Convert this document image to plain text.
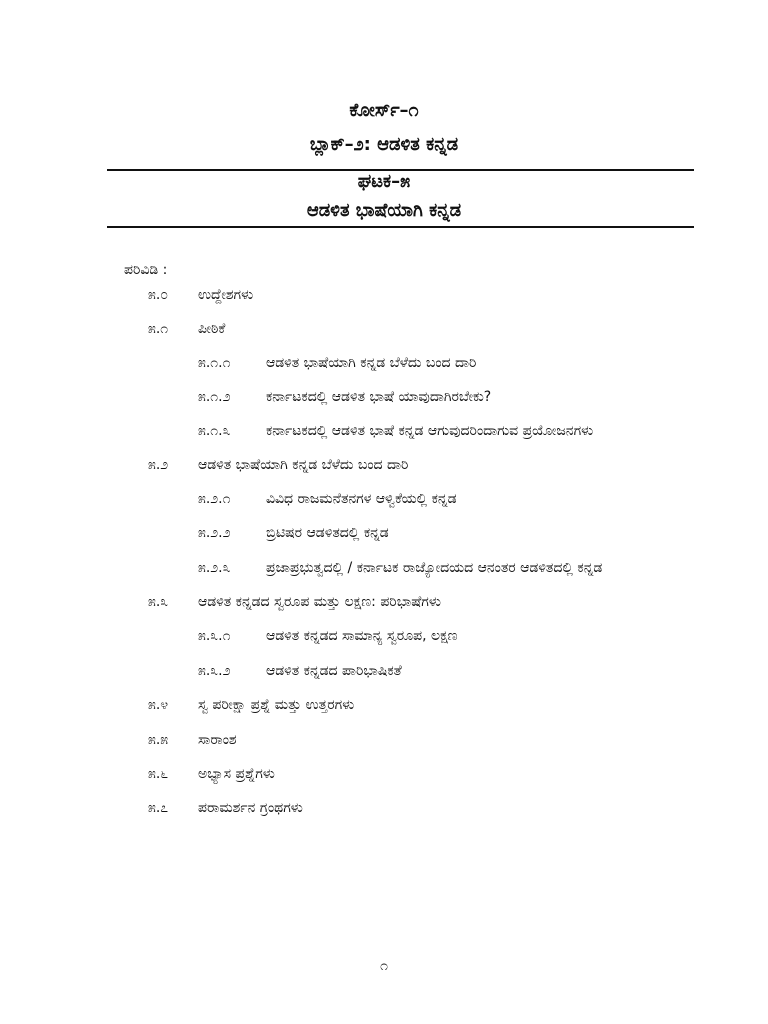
ಕೋರ್ಸ್–೧
ಬ್ಲಾಕ್–೨: ಆಡಳಿತ ಕನ್ನಡ
ಘಟಕ–೫
ಆಡಳಿತ ಭಾಷೆಯಾಗಿ ಕನ್ನಡ
ಪರಿವಿಡಿ :
೫.೦ ಉದ್ದೇಶಗಳು
೫.೧ ಪೀಠಿಕೆ
೫.೧.೧	ಆಡಳಿತ ಭಾಷೆಯಾಗಿ ಕನ್ನಡ ಬೆಳೆದು ಬಂದ ದಾರಿ
೫.೧.೨	ಕರ್ನಾಟಕದಲ್ಲಿ ಆಡಳಿತ ಭಾಷೆ ಯಾವುದಾಗಿರಬೇಕು?
೫.೧.೩	ಕರ್ನಾಟಕದಲ್ಲಿ ಆಡಳಿತ ಭಾಷೆ ಕನ್ನಡ ಆಗುವುದರಿಂದಾಗುವ ಪ್ರಯೋಜನಗಳು
೫.೨ ಆಡಳಿತ ಭಾಷೆಯಾಗಿ ಕನ್ನಡ ಬೆಳೆದು ಬಂದ ದಾರಿ
೫.೨.೧	ವಿವಿಧ ರಾಜಮನೆತನಗಳ ಆಳ್ವಿಕೆಯಲ್ಲಿ ಕನ್ನಡ
೫.೨.೨	ಬ್ರಿಟಿಷರ ಆಡಳಿತದಲ್ಲಿ ಕನ್ನಡ
೫.೨.೩	ಪ್ರಜಾಪ್ರಭುತ್ವದಲ್ಲಿ / ಕರ್ನಾಟಕ ರಾಜ್ಯೋದಯದ ಆನಂತರ ಆಡಳಿತದಲ್ಲಿ ಕನ್ನಡ
೫.೩ ಆಡಳಿತ ಕನ್ನಡದ ಸ್ವರೂಪ ಮತ್ತು ಲಕ್ಷಣ: ಪರಿಭಾಷೆಗಳು
೫.೩.೧	ಆಡಳಿತ ಕನ್ನಡದ ಸಾಮಾನ್ಯ ಸ್ವರೂಪ, ಲಕ್ಷಣ
೫.೩.೨	ಆಡಳಿತ ಕನ್ನಡದ ಪಾರಿಭಾಷಿಕತೆ
೫.೪ ಸ್ವ ಪರೀಕ್ಷಾ ಪ್ರಶ್ನೆ ಮತ್ತು ಉತ್ತರಗಳು
೫.೫ ಸಾರಾಂಶ
೫.೬ ಅಭ್ಯಾಸ ಪ್ರಶ್ನೆಗಳು
೫.೭ ಪರಾಮರ್ಶನ ಗ್ರಂಥಗಳು
೧
